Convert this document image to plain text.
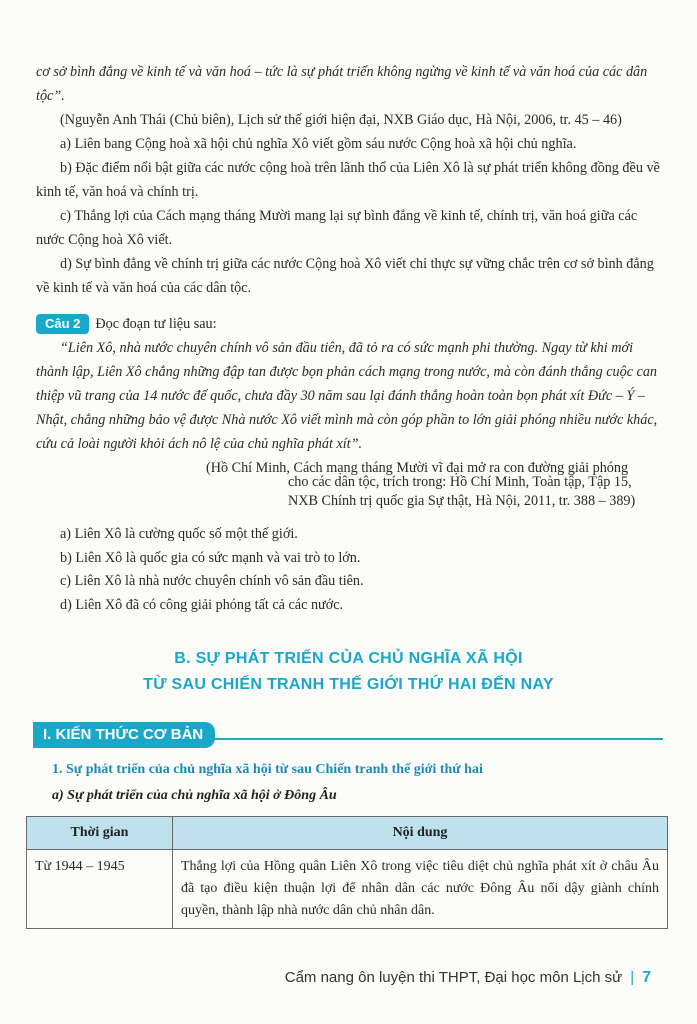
cơ sở bình đẳng về kinh tế và văn hoá – tức là sự phát triển không ngừng về kinh tế và văn hoá của các dân tộc”.

(Nguyễn Anh Thái (Chủ biên), Lịch sử thế giới hiện đại, NXB Giáo dục, Hà Nội, 2006, tr. 45 – 46)

a) Liên bang Cộng hoà xã hội chủ nghĩa Xô viết gồm sáu nước Cộng hoà xã hội chủ nghĩa.

b) Đặc điểm nổi bật giữa các nước cộng hoà trên lãnh thổ của Liên Xô là sự phát triển không đồng đều về kinh tế, văn hoá và chính trị.

c) Thắng lợi của Cách mạng tháng Mười mang lại sự bình đẳng về kinh tế, chính trị, văn hoá giữa các nước Cộng hoà Xô viết.

d) Sự bình đẳng về chính trị giữa các nước Cộng hoà Xô viết chỉ thực sự vững chắc trên cơ sở bình đẳng về kinh tế và văn hoá của các dân tộc.

Câu 2 Đọc đoạn tư liệu sau:

“Liên Xô, nhà nước chuyên chính vô sản đầu tiên, đã tỏ ra có sức mạnh phi thường. Ngay từ khi mới thành lập, Liên Xô chẳng những đập tan được bọn phản cách mạng trong nước, mà còn đánh thắng cuộc can thiệp vũ trang của 14 nước đế quốc, chưa đầy 30 năm sau lại đánh thắng hoàn toàn bọn phát xít Đức – Ý – Nhật, chẳng những bảo vệ được Nhà nước Xô viết mình mà còn góp phần to lớn giải phóng nhiều nước khác, cứu cả loài người khỏi ách nô lệ của chủ nghĩa phát xít”.

(Hồ Chí Minh, Cách mạng tháng Mười vĩ đại mở ra con đường giải phóng

cho các dân tộc, trích trong: Hồ Chí Minh, Toàn tập, Tập 15,

NXB Chính trị quốc gia Sự thật, Hà Nội, 2011, tr. 388 – 389)

a) Liên Xô là cường quốc số một thế giới.

b) Liên Xô là quốc gia có sức mạnh và vai trò to lớn.

c) Liên Xô là nhà nước chuyên chính vô sản đầu tiên.

d) Liên Xô đã có công giải phóng tất cả các nước.

B. SỰ PHÁT TRIỂN CỦA CHỦ NGHĨA XÃ HỘI
TỪ SAU CHIẾN TRANH THẾ GIỚI THỨ HAI ĐẾN NAY
I. KIẾN THỨC CƠ BẢN
1. Sự phát triển của chủ nghĩa xã hội từ sau Chiến tranh thế giới thứ hai
a) Sự phát triển của chủ nghĩa xã hội ở Đông Âu
Thời gian	Nội dung
Từ 1944 – 1945	Thắng lợi của Hồng quân Liên Xô trong việc tiêu diệt chủ nghĩa phát xít ở châu Âu đã tạo điều kiện thuận lợi để nhân dân các nước Đông Âu nổi dậy giành chính quyền, thành lập nhà nước dân chủ nhân dân.
Cẩm nang ôn luyện thi THPT, Đại học môn Lịch sử | 7
